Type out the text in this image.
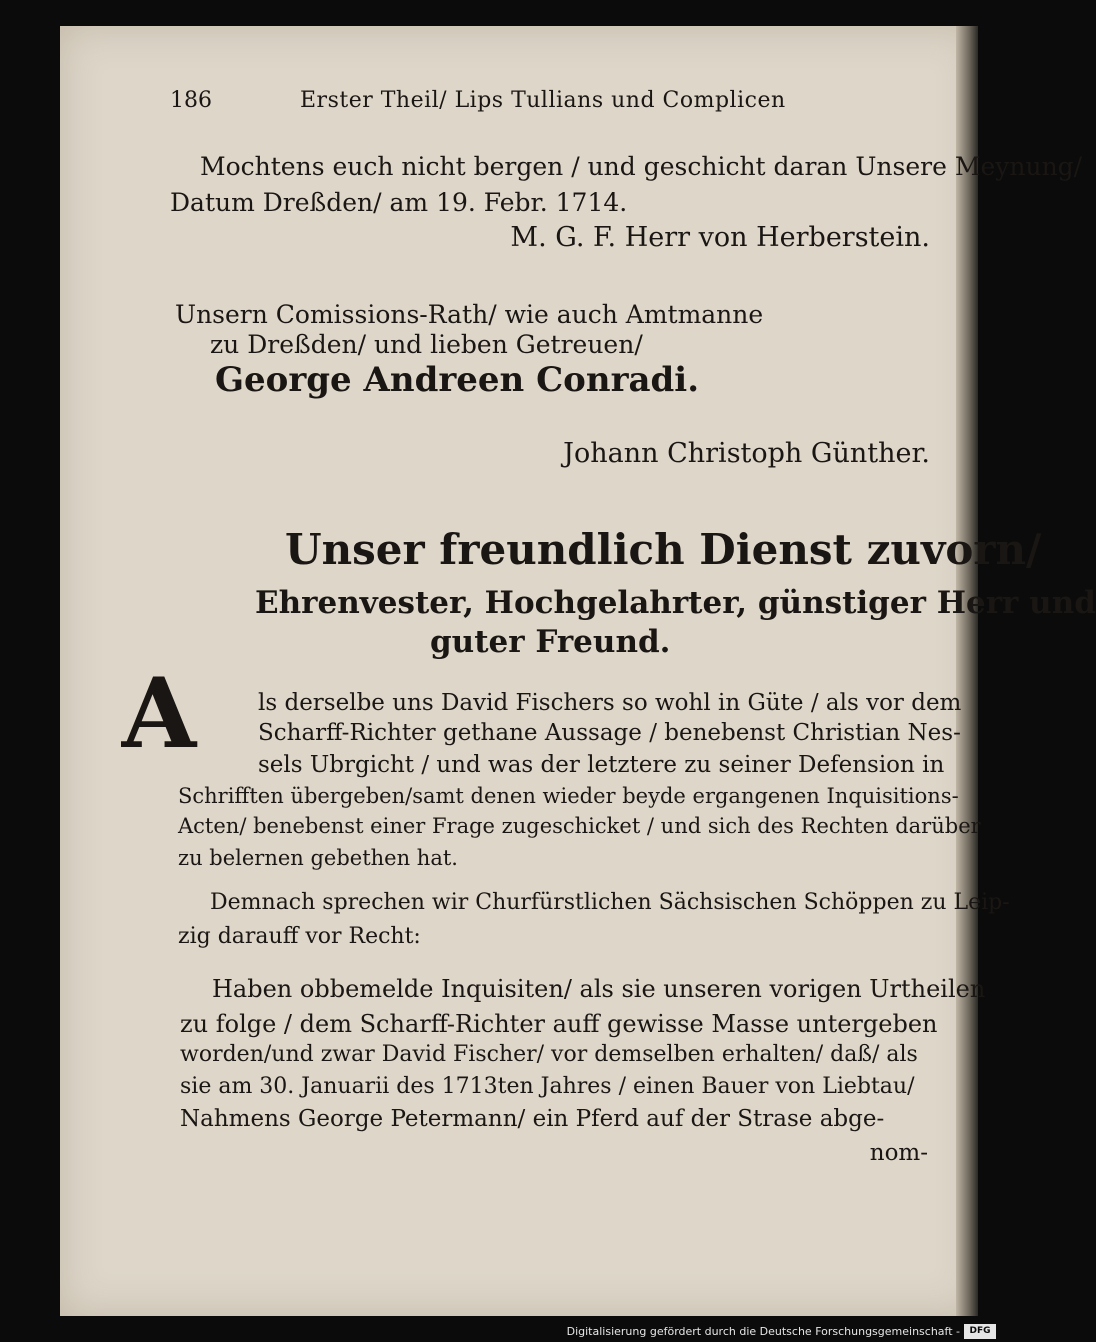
186	Erster Theil/ Lips Tullians und Complicen
Mochtens euch nicht bergen / und geschicht daran Unsere Meynung/
Datum Dreßden/ am 19. Febr. 1714.
M. G. F. Herr von Herberstein.
Unsern Comissions-Rath/ wie auch Amtmanne
zu Dreßden/ und lieben Getreuen/
George Andreen Conradi.
Johann Christoph Günther.
Unser freundlich Dienst zuvorn/
Ehrenvester, Hochgelahrter, günstiger Herr und
guter Freund.
A	ls derselbe uns David Fischers so wohl in Güte / als vor dem
Scharff-Richter gethane Aussage / benebenst Christian Nes-
sels Ubrgicht / und was der letztere zu seiner Defension in
Schrifften übergeben/samt denen wieder beyde ergangenen Inquisitions-
Acten/ benebenst einer Frage zugeschicket / und sich des Rechten darüber
zu belernen gebethen hat.
Demnach sprechen wir Churfürstlichen Sächsischen Schöppen zu Leip-
zig darauff vor Recht:
Haben obbemelde Inquisiten/ als sie unseren vorigen Urtheilen
zu folge / dem Scharff-Richter auff gewisse Masse untergeben
worden/und zwar David Fischer/ vor demselben erhalten/ daß/ als
sie am 30. Januarii des 1713ten Jahres / einen Bauer von Liebtau/
Nahmens George Petermann/ ein Pferd auf der Strase abge-
nom-
Digitalisierung gefördert durch die Deutsche Forschungsgemeinschaft -	DFG
